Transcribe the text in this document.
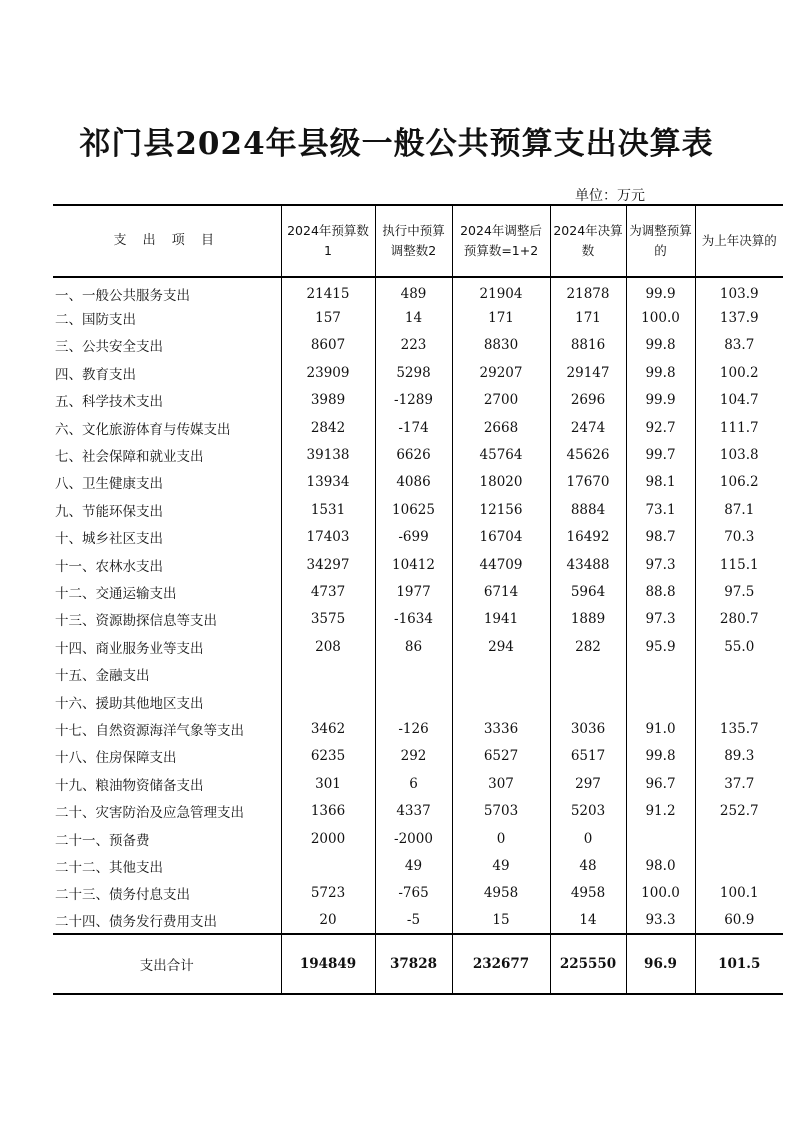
祁门县2024年县级一般公共预算支出决算表
单位：万元
支 出 项 目	2024年预算数1	执行中预算调整数2	2024年调整后预算数=1+2	2024年决算数	为调整预算的	为上年决算的
一、一般公共服务支出	21415	489	21904	21878	99.9	103.9
二、国防支出	157	14	171	171	100.0	137.9
三、公共安全支出	8607	223	8830	8816	99.8	83.7
四、教育支出	23909	5298	29207	29147	99.8	100.2
五、科学技术支出	3989	-1289	2700	2696	99.9	104.7
六、文化旅游体育与传媒支出	2842	-174	2668	2474	92.7	111.7
七、社会保障和就业支出	39138	6626	45764	45626	99.7	103.8
八、卫生健康支出	13934	4086	18020	17670	98.1	106.2
九、节能环保支出	1531	10625	12156	8884	73.1	87.1
十、城乡社区支出	17403	-699	16704	16492	98.7	70.3
十一、农林水支出	34297	10412	44709	43488	97.3	115.1
十二、交通运输支出	4737	1977	6714	5964	88.8	97.5
十三、资源勘探信息等支出	3575	-1634	1941	1889	97.3	280.7
十四、商业服务业等支出	208	86	294	282	95.9	55.0
十五、金融支出						
十六、援助其他地区支出						
十七、自然资源海洋气象等支出	3462	-126	3336	3036	91.0	135.7
十八、住房保障支出	6235	292	6527	6517	99.8	89.3
十九、粮油物资储备支出	301	6	307	297	96.7	37.7
二十、灾害防治及应急管理支出	1366	4337	5703	5203	91.2	252.7
二十一、预备费	2000	-2000	0	0		
二十二、其他支出		49	49	48	98.0	
二十三、债务付息支出	5723	-765	4958	4958	100.0	100.1
二十四、债务发行费用支出	20	-5	15	14	93.3	60.9
支出合计	194849	37828	232677	225550	96.9	101.5
